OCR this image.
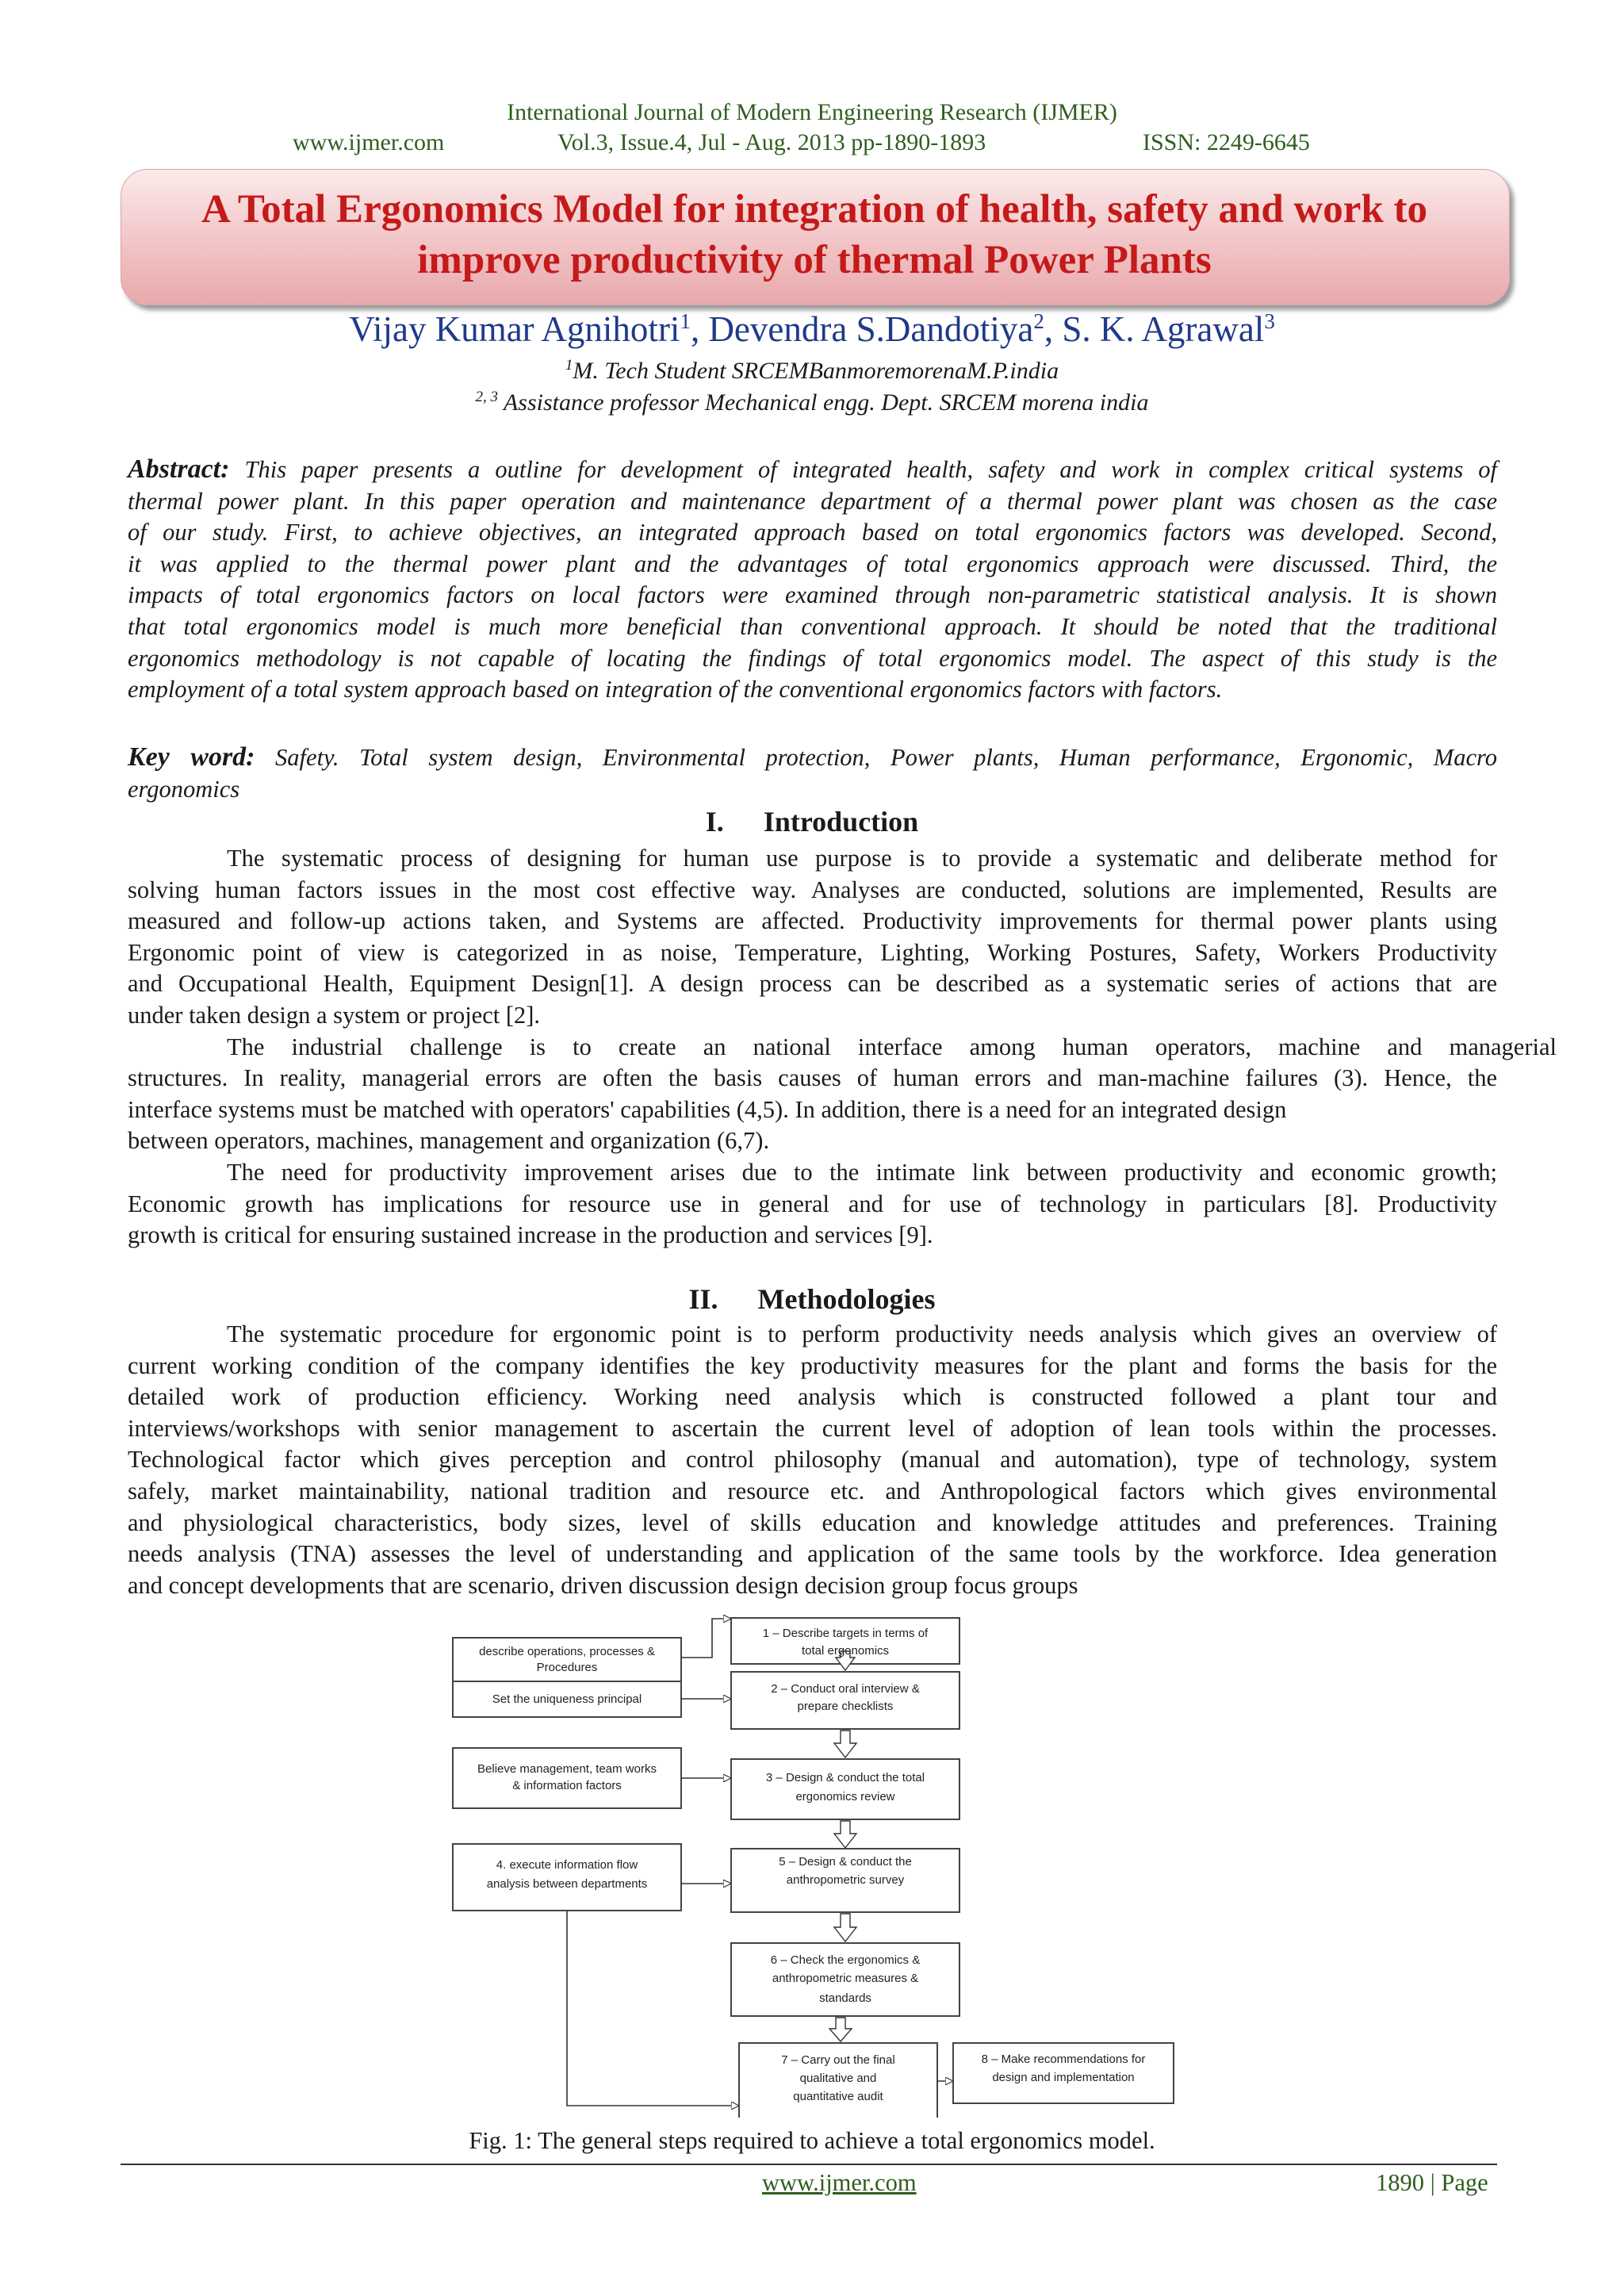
International Journal of Modern Engineering Research (IJMER)
www.ijmer.com	Vol.3, Issue.4, Jul - Aug. 2013 pp-1890-1893	ISSN: 2249-6645
A Total Ergonomics Model for integration of health, safety and work to
improve productivity of thermal Power Plants
Vijay Kumar Agnihotri$^1$, Devendra S.Dandotiya$^2$, S. K. Agrawal$^3$
$^1$M. Tech Student SRCEMBanmoremorenaM.P.india
$^{2, 3}$ Assistance professor Mechanical engg. Dept. SRCEM morena india
Abstract: This paper presents a outline for development of integrated health, safety and work in complex critical systems of
thermal power plant. In this paper operation and maintenance department of a thermal power plant was chosen as the case
of our study. First, to achieve objectives, an integrated approach based on total ergonomics factors was developed. Second,
it was applied to the thermal power plant and the advantages of total ergonomics approach were discussed. Third, the
impacts of total ergonomics factors on local factors were examined through non-parametric statistical analysis. It is shown
that total ergonomics model is much more beneficial than conventional approach. It should be noted that the traditional
ergonomics methodology is not capable of locating the findings of total ergonomics model. The aspect of this study is the
employment of a total system approach based on integration of the conventional ergonomics factors with factors.
Key word: Safety. Total system design, Environmental protection, Power plants, Human performance, Ergonomic, Macro
ergonomics
I. Introduction
The systematic process of designing for human use purpose is to provide a systematic and deliberate method for
solving human factors issues in the most cost effective way. Analyses are conducted, solutions are implemented, Results are
measured and follow-up actions taken, and Systems are affected. Productivity improvements for thermal power plants using
Ergonomic point of view is categorized in as noise, Temperature, Lighting, Working Postures, Safety, Workers Productivity
and Occupational Health, Equipment Design[1]. A design process can be described as a systematic series of actions that are
under taken design a system or project [2].
The industrial challenge is to create an national interface among human operators, machine and managerial
structures. In reality, managerial errors are often the basis causes of human errors and man-machine failures (3). Hence, the
interface systems must be matched with operators' capabilities (4,5). In addition, there is a need for an integrated design
between operators, machines, management and organization (6,7).
The need for productivity improvement arises due to the intimate link between productivity and economic growth;
Economic growth has implications for resource use in general and for use of technology in particulars [8]. Productivity
growth is critical for ensuring sustained increase in the production and services [9].
II. Methodologies
The systematic procedure for ergonomic point is to perform productivity needs analysis which gives an overview of
current working condition of the company identifies the key productivity measures for the plant and forms the basis for the
detailed work of production efficiency. Working need analysis which is constructed followed a plant tour and
interviews/workshops with senior management to ascertain the current level of adoption of lean tools within the processes.
Technological factor which gives perception and control philosophy (manual and automation), type of technology, system
safely, market maintainability, national tradition and resource etc. and Anthropological factors which gives environmental
and physiological characteristics, body sizes, level of skills education and knowledge attitudes and preferences. Training
needs analysis (TNA) assesses the level of understanding and application of the same tools by the workforce. Idea generation
and concept developments that are scenario, driven discussion design decision group focus groups
describe operations, processes &
Procedures
Set the uniqueness principal
Believe management, team works
& information factors
4. execute information flow
analysis between departments
1 – Describe targets in terms of
total ergonomics
2 – Conduct oral interview &
prepare checklists
3 – Design & conduct the total
ergonomics review
5 – Design & conduct the
anthropometric survey
6 – Check the ergonomics &
anthropometric measures &
standards
7 – Carry out the final
qualitative and
quantitative audit
8 – Make recommendations for
design and implementation
Fig. 1: The general steps required to achieve a total ergonomics model.
www.ijmer.com	1890 | Page
